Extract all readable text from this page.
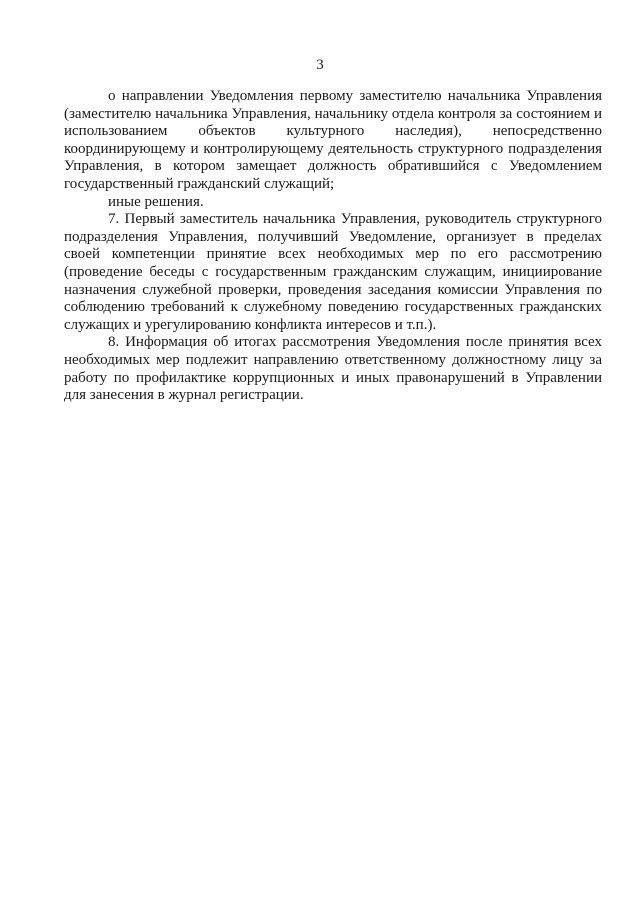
3

о направлении Уведомления первому заместителю начальника Управления (заместителю начальника Управления, начальнику отдела контроля за состоянием и использованием объектов культурного наследия), непосредственно координирующему и контролирующему деятельность структурного подразделения Управления, в котором замещает должность обратившийся с Уведомлением государственный гражданский служащий;

иные решения.

7. Первый заместитель начальника Управления, руководитель структурного подразделения Управления, получивший Уведомление, организует в пределах своей компетенции принятие всех необходимых мер по его рассмотрению (проведение беседы с государственным гражданским служащим, инициирование назначения служебной проверки, проведения заседания комиссии Управления по соблюдению требований к служебному поведению государственных гражданских служащих и урегулированию конфликта интересов и т.п.).

8. Информация об итогах рассмотрения Уведомления после принятия всех необходимых мер подлежит направлению ответственному должностному лицу за работу по профилактике коррупционных и иных правонарушений в Управлении для занесения в журнал регистрации.
